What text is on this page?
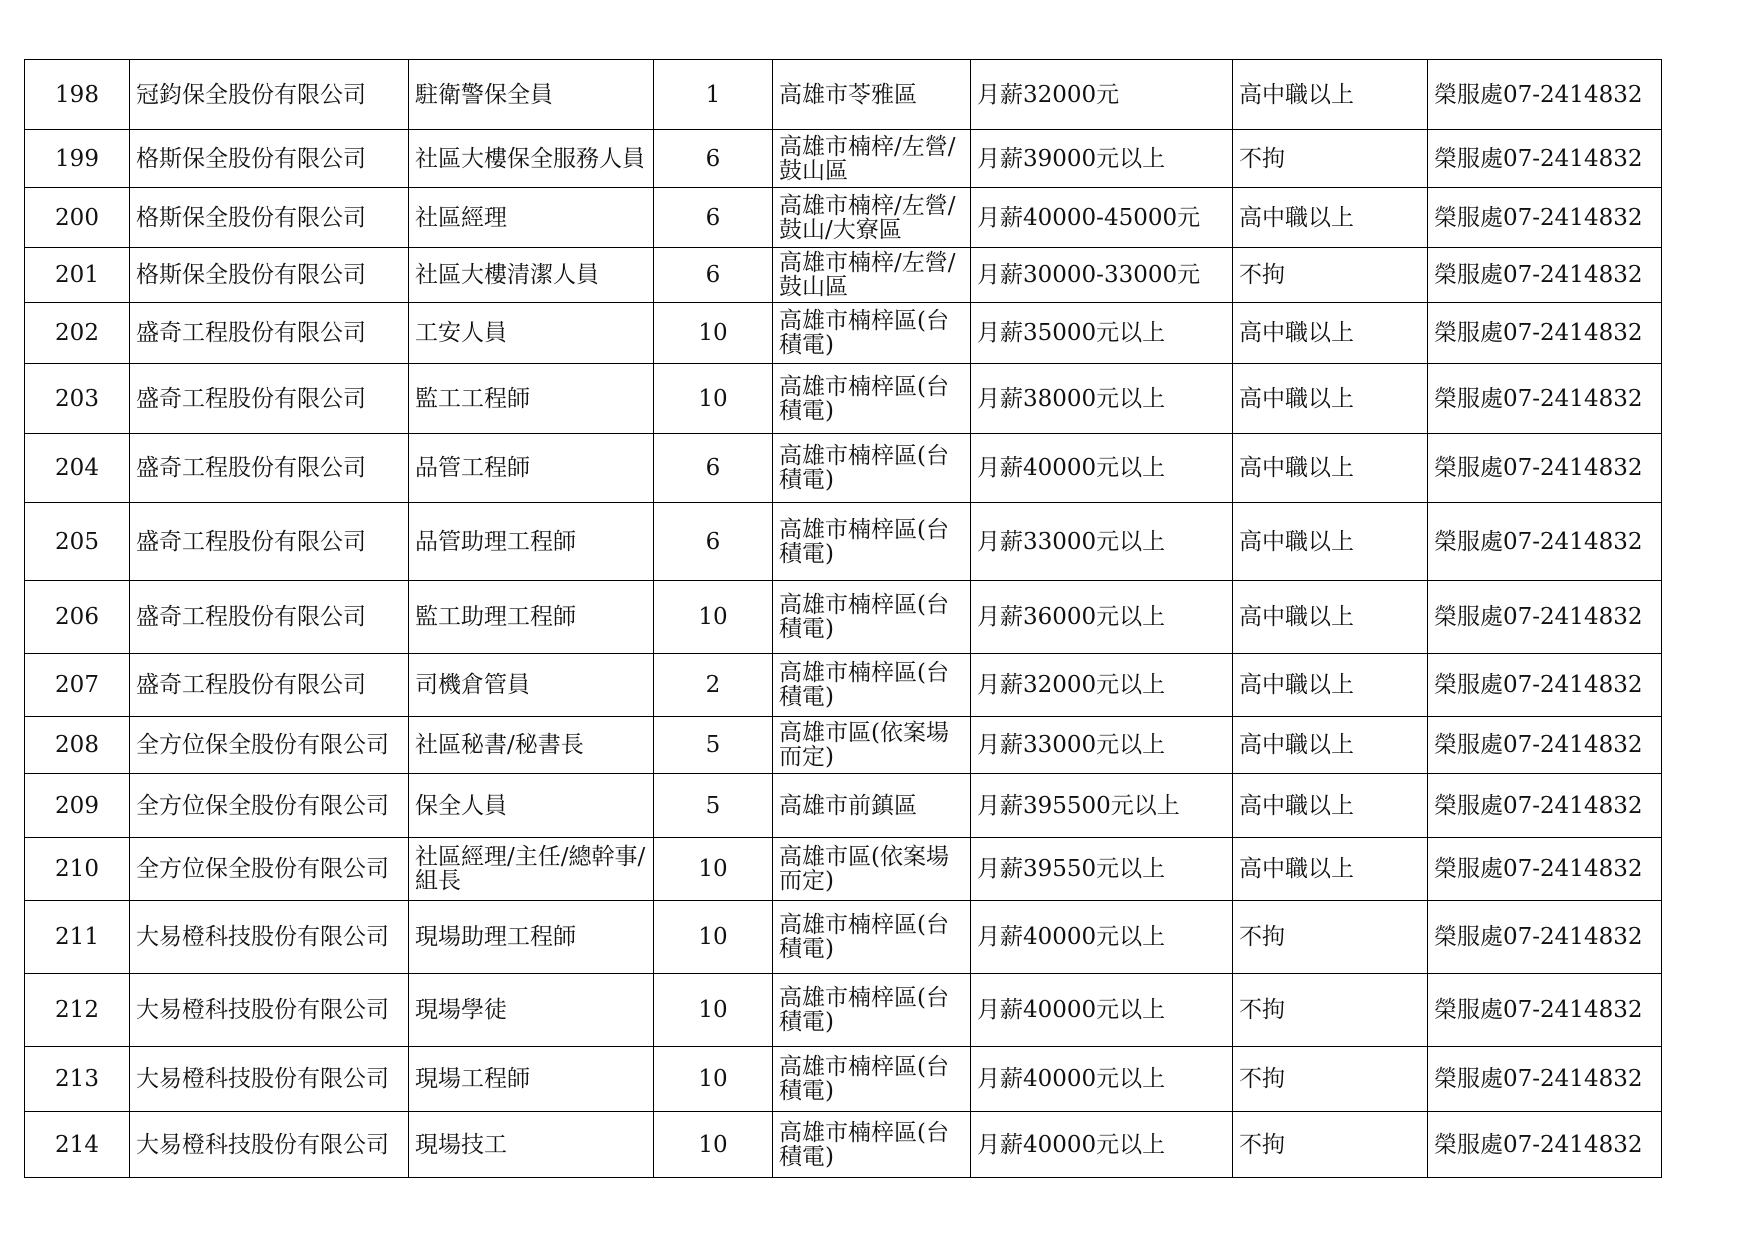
198	冠鈞保全股份有限公司	駐衛警保全員	1	高雄市苓雅區	月薪32000元	高中職以上	榮服處07-2414832
199	格斯保全股份有限公司	社區大樓保全服務人員	6	高雄市楠梓/左營/鼓山區	月薪39000元以上	不拘	榮服處07-2414832
200	格斯保全股份有限公司	社區經理	6	高雄市楠梓/左營/鼓山/大寮區	月薪40000-45000元	高中職以上	榮服處07-2414832
201	格斯保全股份有限公司	社區大樓清潔人員	6	高雄市楠梓/左營/鼓山區	月薪30000-33000元	不拘	榮服處07-2414832
202	盛奇工程股份有限公司	工安人員	10	高雄市楠梓區(台積電)	月薪35000元以上	高中職以上	榮服處07-2414832
203	盛奇工程股份有限公司	監工工程師	10	高雄市楠梓區(台積電)	月薪38000元以上	高中職以上	榮服處07-2414832
204	盛奇工程股份有限公司	品管工程師	6	高雄市楠梓區(台積電)	月薪40000元以上	高中職以上	榮服處07-2414832
205	盛奇工程股份有限公司	品管助理工程師	6	高雄市楠梓區(台積電)	月薪33000元以上	高中職以上	榮服處07-2414832
206	盛奇工程股份有限公司	監工助理工程師	10	高雄市楠梓區(台積電)	月薪36000元以上	高中職以上	榮服處07-2414832
207	盛奇工程股份有限公司	司機倉管員	2	高雄市楠梓區(台積電)	月薪32000元以上	高中職以上	榮服處07-2414832
208	全方位保全股份有限公司	社區秘書/秘書長	5	高雄市區(依案場而定)	月薪33000元以上	高中職以上	榮服處07-2414832
209	全方位保全股份有限公司	保全人員	5	高雄市前鎮區	月薪395500元以上	高中職以上	榮服處07-2414832
210	全方位保全股份有限公司	社區經理/主任/總幹事/組長	10	高雄市區(依案場而定)	月薪39550元以上	高中職以上	榮服處07-2414832
211	大易橙科技股份有限公司	現場助理工程師	10	高雄市楠梓區(台積電)	月薪40000元以上	不拘	榮服處07-2414832
212	大易橙科技股份有限公司	現場學徒	10	高雄市楠梓區(台積電)	月薪40000元以上	不拘	榮服處07-2414832
213	大易橙科技股份有限公司	現場工程師	10	高雄市楠梓區(台積電)	月薪40000元以上	不拘	榮服處07-2414832
214	大易橙科技股份有限公司	現場技工	10	高雄市楠梓區(台積電)	月薪40000元以上	不拘	榮服處07-2414832
